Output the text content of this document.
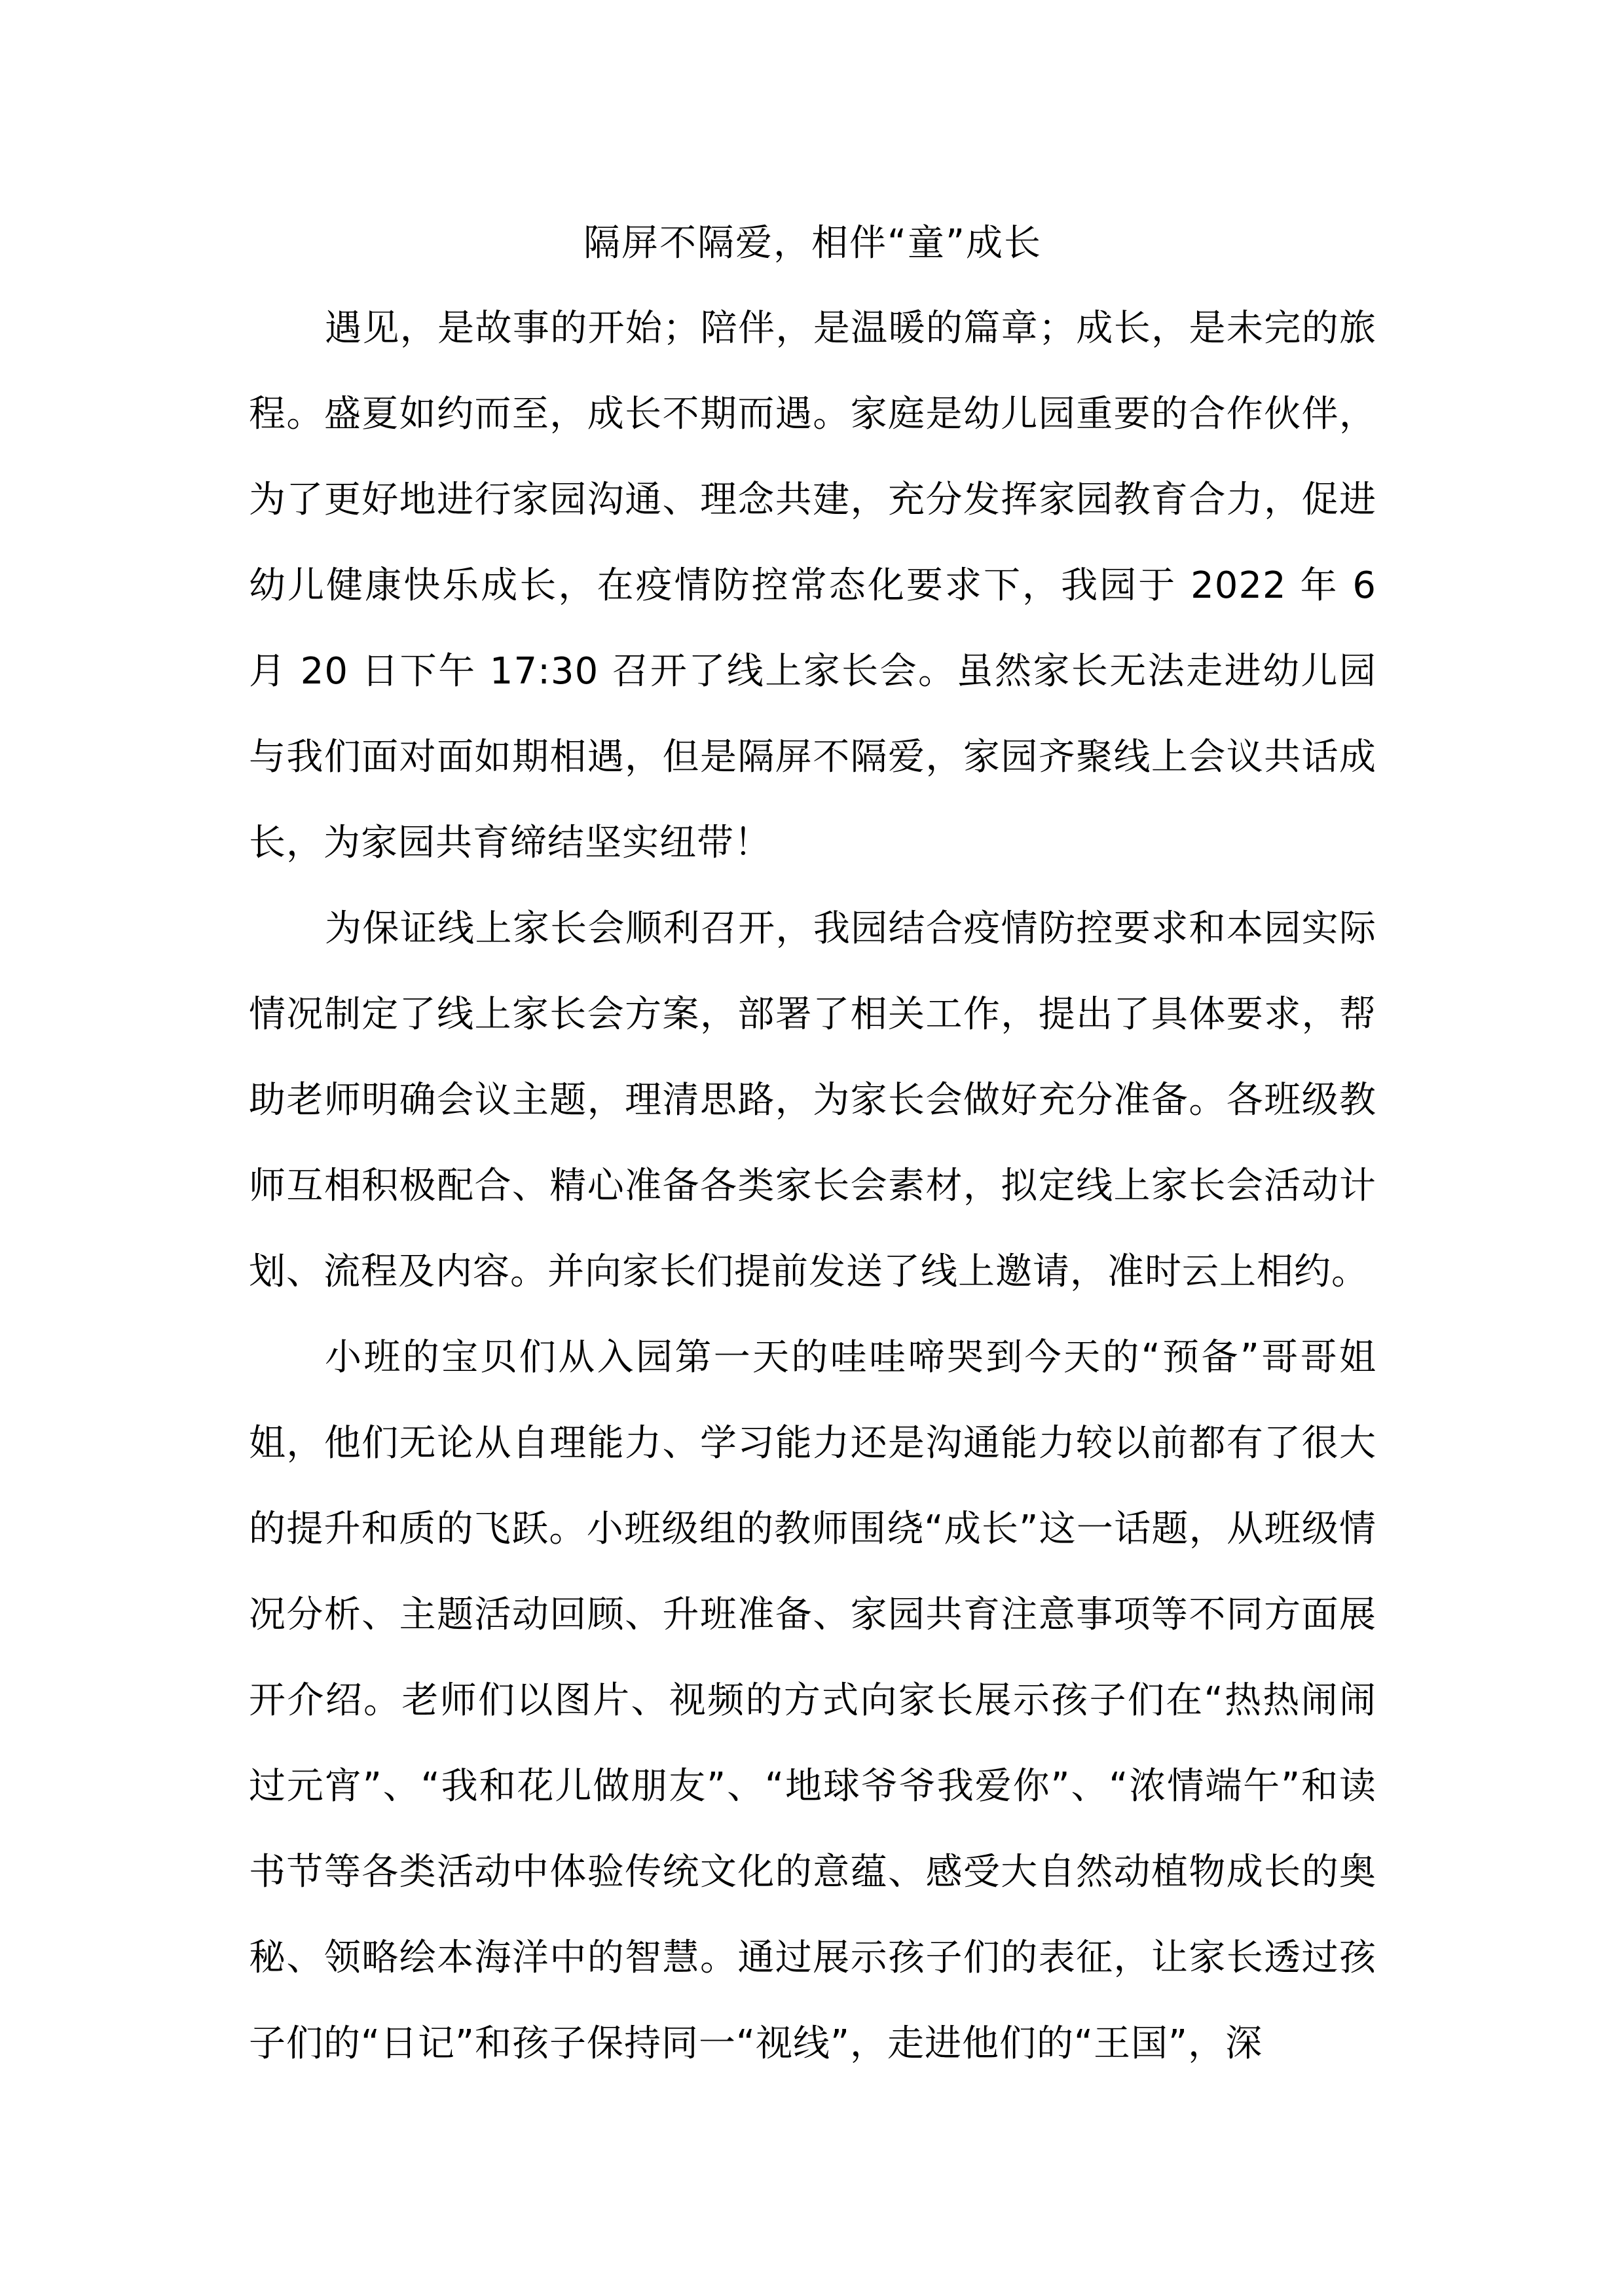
隔屏不隔爱，相伴“童”成长

遇见，是故事的开始；陪伴，是温暖的篇章；成长，是未完的旅程。盛夏如约而至，成长不期而遇。家庭是幼儿园重要的合作伙伴，为了更好地进行家园沟通、理念共建，充分发挥家园教育合力，促进幼儿健康快乐成长，在疫情防控常态化要求下，我园于 2022 年 6 月 20 日下午 17:30 召开了线上家长会。虽然家长无法走进幼儿园与我们面对面如期相遇，但是隔屏不隔爱，家园齐聚线上会议共话成长，为家园共育缔结坚实纽带！

为保证线上家长会顺利召开，我园结合疫情防控要求和本园实际情况制定了线上家长会方案，部署了相关工作，提出了具体要求，帮助老师明确会议主题，理清思路，为家长会做好充分准备。各班级教师互相积极配合、精心准备各类家长会素材，拟定线上家长会活动计划、流程及内容。并向家长们提前发送了线上邀请，准时云上相约。

小班的宝贝们从入园第一天的哇哇啼哭到今天的“预备”哥哥姐姐，他们无论从自理能力、学习能力还是沟通能力较以前都有了很大的提升和质的飞跃。小班级组的教师围绕“成长”这一话题，从班级情况分析、主题活动回顾、升班准备、家园共育注意事项等不同方面展开介绍。老师们以图片、视频的方式向家长展示孩子们在“热热闹闹过元宵”、“我和花儿做朋友”、“地球爷爷我爱你”、“浓情端午”和读书节等各类活动中体验传统文化的意蕴、感受大自然动植物成长的奥秘、领略绘本海洋中的智慧。通过展示孩子们的表征，让家长透过孩子们的“日记”和孩子保持同一“视线”，走进他们的“王国”，深
